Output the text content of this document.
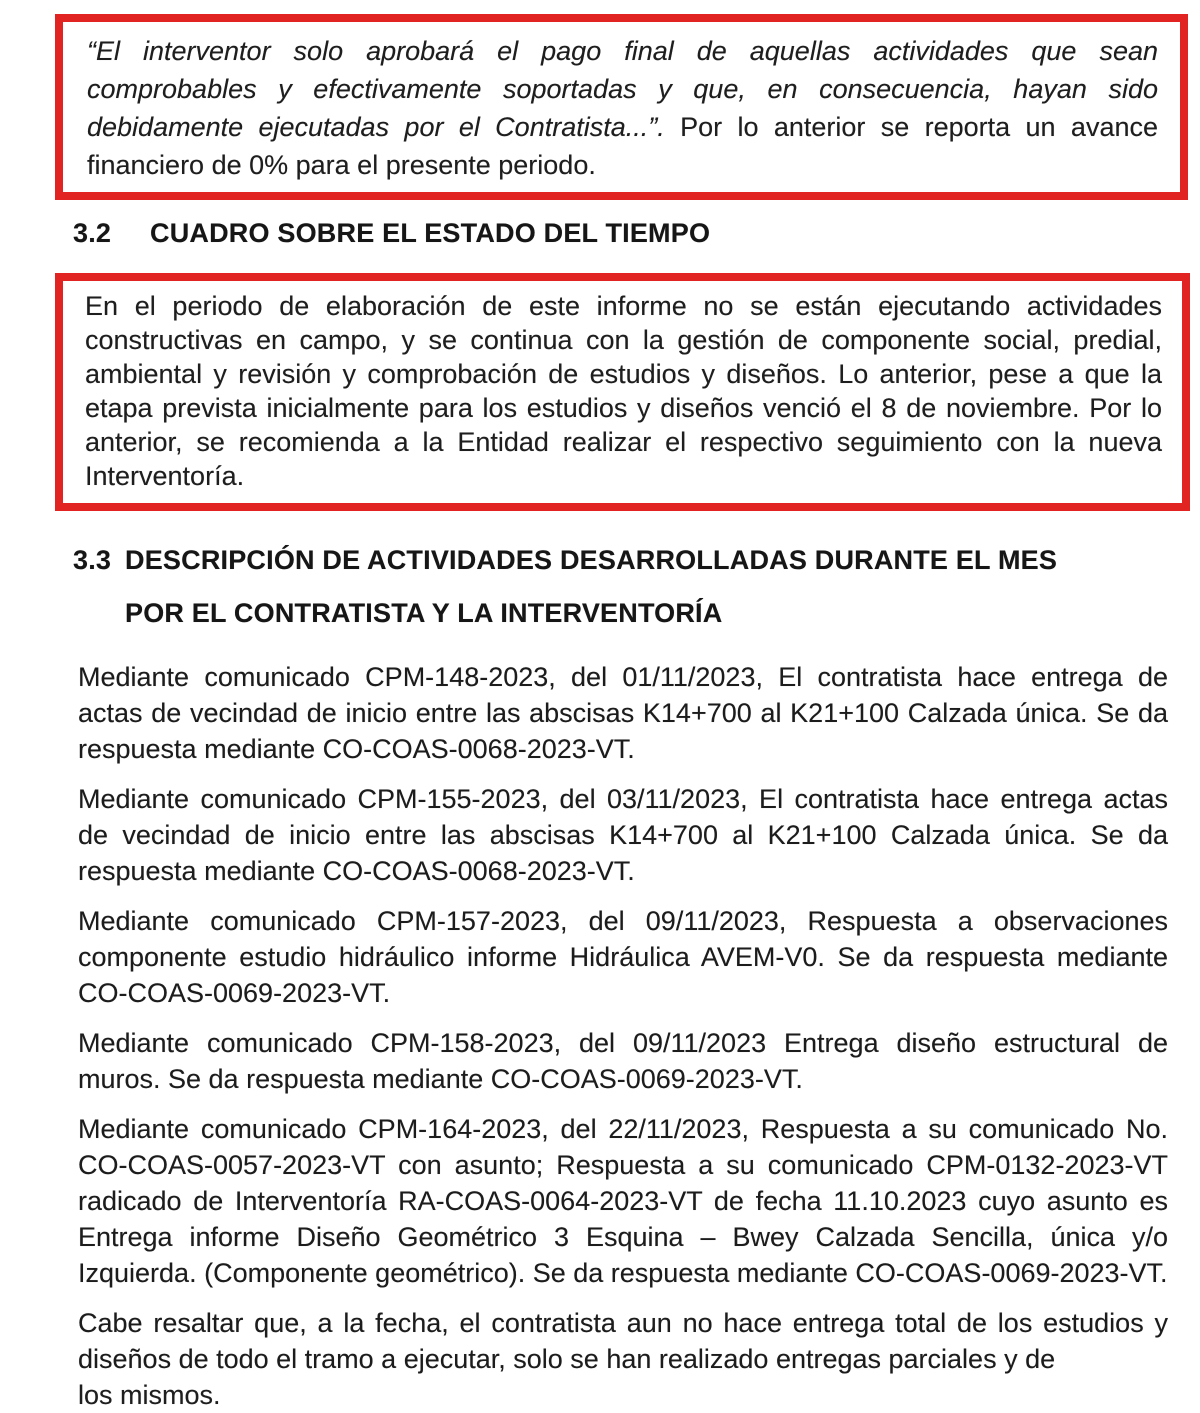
“El interventor solo aprobará el pago final de aquellas actividades que sean comprobables y efectivamente soportadas y que, en consecuencia, hayan sido debidamente ejecutadas por el Contratista...”. Por lo anterior se reporta un avance financiero de 0% para el presente periodo.

3.2	CUADRO SOBRE EL ESTADO DEL TIEMPO

En el periodo de elaboración de este informe no se están ejecutando actividades constructivas en campo, y se continua con la gestión de componente social, predial, ambiental y revisión y comprobación de estudios y diseños. Lo anterior, pese a que la etapa prevista inicialmente para los estudios y diseños venció el 8 de noviembre. Por lo anterior, se recomienda a la Entidad realizar el respectivo seguimiento con la nueva Interventoría.

3.3 DESCRIPCIÓN DE ACTIVIDADES DESARROLLADAS DURANTE EL MES
POR EL CONTRATISTA Y LA INTERVENTORÍA

Mediante comunicado CPM-148-2023, del 01/11/2023, El contratista hace entrega de actas de vecindad de inicio entre las abscisas K14+700 al K21+100 Calzada única. Se da respuesta mediante CO-COAS-0068-2023-VT.

Mediante comunicado CPM-155-2023, del 03/11/2023, El contratista hace entrega actas de vecindad de inicio entre las abscisas K14+700 al K21+100 Calzada única. Se da respuesta mediante CO-COAS-0068-2023-VT.

Mediante comunicado CPM-157-2023, del 09/11/2023, Respuesta a observaciones componente estudio hidráulico informe Hidráulica AVEM-V0. Se da respuesta mediante CO-COAS-0069-2023-VT.

Mediante comunicado CPM-158-2023, del 09/11/2023 Entrega diseño estructural de muros. Se da respuesta mediante CO-COAS-0069-2023-VT.

Mediante comunicado CPM-164-2023, del 22/11/2023, Respuesta a su comunicado No. CO-COAS-0057-2023-VT con asunto; Respuesta a su comunicado CPM-0132-2023-VT radicado de Interventoría RA-COAS-0064-2023-VT de fecha 11.10.2023 cuyo asunto es Entrega informe Diseño Geométrico 3 Esquina – Bwey Calzada Sencilla, única y/o Izquierda. (Componente geométrico). Se da respuesta mediante CO-COAS-0069-2023-VT.

Cabe resaltar que, a la fecha, el contratista aun no hace entrega total de los estudios y diseños de todo el tramo a ejecutar, solo se han realizado entregas parciales y de

los mismos.
